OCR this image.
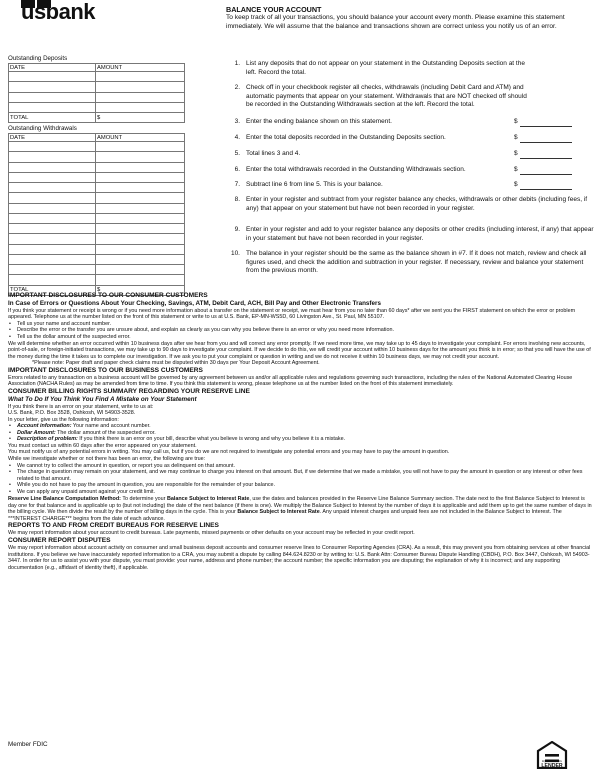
usbank	BALANCE YOUR ACCOUNT
To keep track of all your transactions, you should balance your account every month. Please examine this statement immediately. We will assume that the balance and transactions shown are correct unless you notify us of an error.
Outstanding Deposits
DATE	AMOUNT

TOTAL	$
Outstanding Withdrawals
DATE	AMOUNT

TOTAL	$
1. List any deposits that do not appear on your statement in the Outstanding Deposits section at the left. Record the total.
2. Check off in your checkbook register all checks, withdrawals (including Debit Card and ATM) and automatic payments that appear on your statement. Withdrawals that are NOT checked off should be recorded in the Outstanding Withdrawals section at the left. Record the total.
3. Enter the ending balance shown on this statement.	$
4. Enter the total deposits recorded in the Outstanding Deposits section.	$
5. Total lines 3 and 4.	$
6. Enter the total withdrawals recorded in the Outstanding Withdrawals section.	$
7. Subtract line 6 from line 5. This is your balance.	$
8. Enter in your register and subtract from your register balance any checks, withdrawals or other debits (including fees, if any) that appear on your statement but have not been recorded in your register.
9. Enter in your register and add to your register balance any deposits or other credits (including interest, if any) that appear in your statement but have not been recorded in your register.
10. The balance in your register should be the same as the balance shown in #7. If it does not match, review and check all figures used, and check the addition and subtraction in your register. If necessary, review and balance your statement from the previous month.

IMPORTANT DISCLOSURES TO OUR CONSUMER CUSTOMERS

In Case of Errors or Questions About Your Checking, Savings, ATM, Debit Card, ACH, Bill Pay and Other Electronic Transfers

If you think your statement or receipt is wrong or if you need more information about a transfer on the statement or receipt, we must hear from you no later than 60 days* after we sent you the FIRST statement on which the error or problem appeared. Telephone us at the number listed on the front of this statement or write to us at U.S. Bank, EP-MN-WS5D, 60 Livingston Ave., St. Paul, MN 55107.

• Tell us your name and account number.

• Describe the error or the transfer you are unsure about, and explain as clearly as you can why you believe there is an error or why you need more information.

• Tell us the dollar amount of the suspected error.

We will determine whether an error occurred within 10 business days after we hear from you and will correct any error promptly. If we need more time, we may take up to 45 days to investigate your complaint. For errors involving new accounts, point-of-sale, or foreign-initiated transactions, we may take up to 90 days to investigate your complaint. If we decide to do this, we will credit your account within 10 business days for the amount you think is in error; so that you will have the use of the money during the time it takes us to complete our investigation. If we ask you to put your complaint or question in writing and we do not receive it within 10 business days, we may not credit your account.

*Please note: Paper draft and paper check claims must be disputed within 30 days per Your Deposit Account Agreement.

IMPORTANT DISCLOSURES TO OUR BUSINESS CUSTOMERS

Errors related to any transaction on a business account will be governed by any agreement between us and/or all applicable rules and regulations governing such transactions, including the rules of the National Automated Clearing House Association (NACHA Rules) as may be amended from time to time. If you think this statement is wrong, please telephone us at the number listed on the front of this statement immediately.

CONSUMER BILLING RIGHTS SUMMARY REGARDING YOUR RESERVE LINE

What To Do If You Think You Find A Mistake on Your Statement

If you think there is an error on your statement, write to us at:

U.S. Bank, P.O. Box 3528, Oshkosh, WI 54903-3528.

In your letter, give us the following information:

• Account information: Your name and account number.

• Dollar Amount: The dollar amount of the suspected error.

• Description of problem: If you think there is an error on your bill, describe what you believe is wrong and why you believe it is a mistake.

You must contact us within 60 days after the error appeared on your statement.

You must notify us of any potential errors in writing. You may call us, but if you do we are not required to investigate any potential errors and you may have to pay the amount in question.

While we investigate whether or not there has been an error, the following are true:

• We cannot try to collect the amount in question, or report you as delinquent on that amount.

• The charge in question may remain on your statement, and we may continue to charge you interest on that amount. But, if we determine that we made a mistake, you will not have to pay the amount in question or any interest or other fees related to that amount.

• While you do not have to pay the amount in question, you are responsible for the remainder of your balance.

• We can apply any unpaid amount against your credit limit.

Reserve Line Balance Computation Method: To determine your Balance Subject to Interest Rate, use the dates and balances provided in the Reserve Line Balance Summary section. The date next to the first Balance Subject to Interest is day one for that balance and is applicable up to (but not including) the date of the next balance (if there is one). We multiply the Balance Subject to Interest by the number of days it is applicable and add them up to get the same number of days in the billing cycle. We then divide the result by the number of billing days in the cycle. This is your Balance Subject to Interest Rate. Any unpaid interest charges and unpaid fees are not included in the Balance Subject to Interest. The ***INTEREST CHARGE*** begins from the date of each advance.

REPORTS TO AND FROM CREDIT BUREAUS FOR RESERVE LINES

We may report information about your account to credit bureaus. Late payments, missed payments or other defaults on your account may be reflected in your credit report.

CONSUMER REPORT DISPUTES

We may report information about account activity on consumer and small business deposit accounts and consumer reserve lines to Consumer Reporting Agencies (CRA). As a result, this may prevent you from obtaining services at other financial institutions. If you believe we have inaccurately reported information to a CRA, you may submit a dispute by calling 844.624.8230 or by writing to: U.S. Bank Attn: Consumer Bureau Dispute Handling (CBDH), P.O. Box 3447, Oshkosh, WI 54903-3447. In order for us to assist you with your dispute, you must provide: your name, address and phone number; the account number; the specific information you are disputing; the explanation of why it is incorrect; and any supporting documentation (e.g., affidavit of identity theft), if applicable.

Member FDIC
EQUAL HOUSING
LENDER
